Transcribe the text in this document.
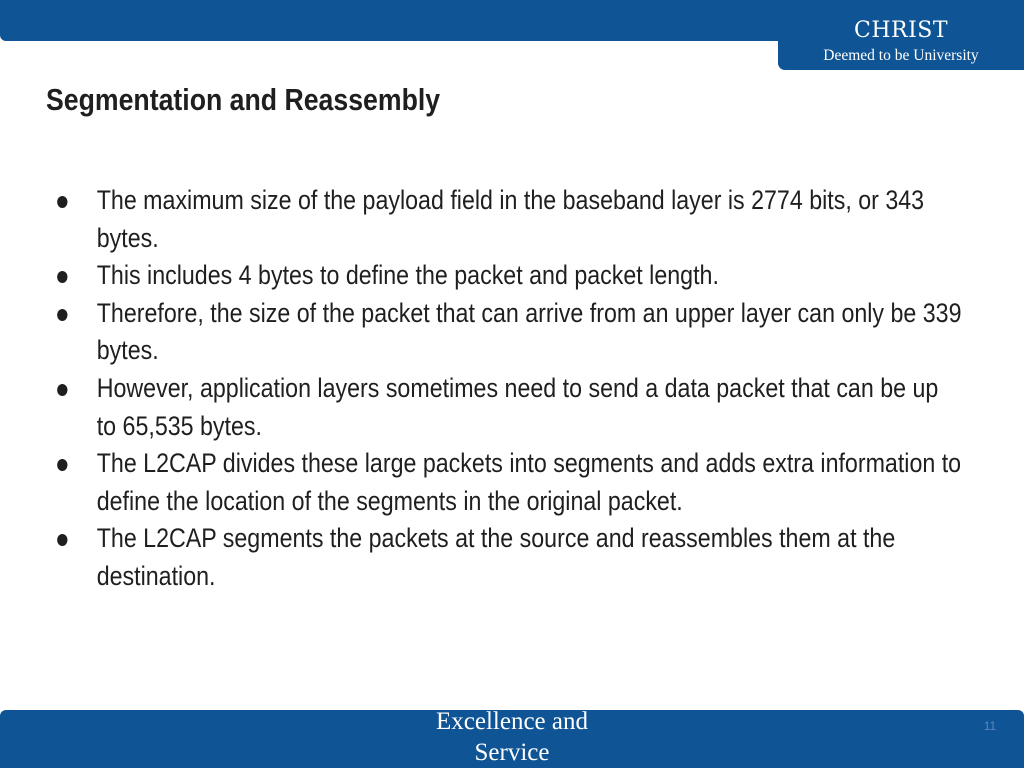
CHRIST
Deemed to be University
Segmentation and Reassembly
The maximum size of the payload field in the baseband layer is 2774 bits, or 343 bytes.
This includes 4 bytes to define the packet and packet length.
Therefore, the size of the packet that can arrive from an upper layer can only be 339 bytes.
However, application layers sometimes need to send a data packet that can be up to 65,535 bytes.
The L2CAP divides these large packets into segments and adds extra information to define the location of the segments in the original packet.
The L2CAP segments the packets at the source and reassembles them at the destination.
Excellence and Service
11
